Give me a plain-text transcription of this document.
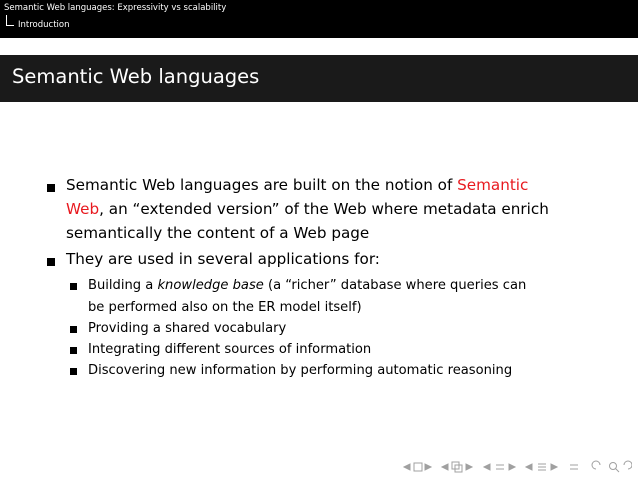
Semantic Web languages: Expressivity vs scalability
Introduction
Semantic Web languages
Semantic Web languages are built on the notion of Semantic
Web, an “extended version” of the Web where metadata enrich
semantically the content of a Web page
They are used in several applications for:
Building a knowledge base (a “richer” database where queries can
be performed also on the ER model itself)
Providing a shared vocabulary
Integrating different sources of information
Discovering new information by performing automatic reasoning
